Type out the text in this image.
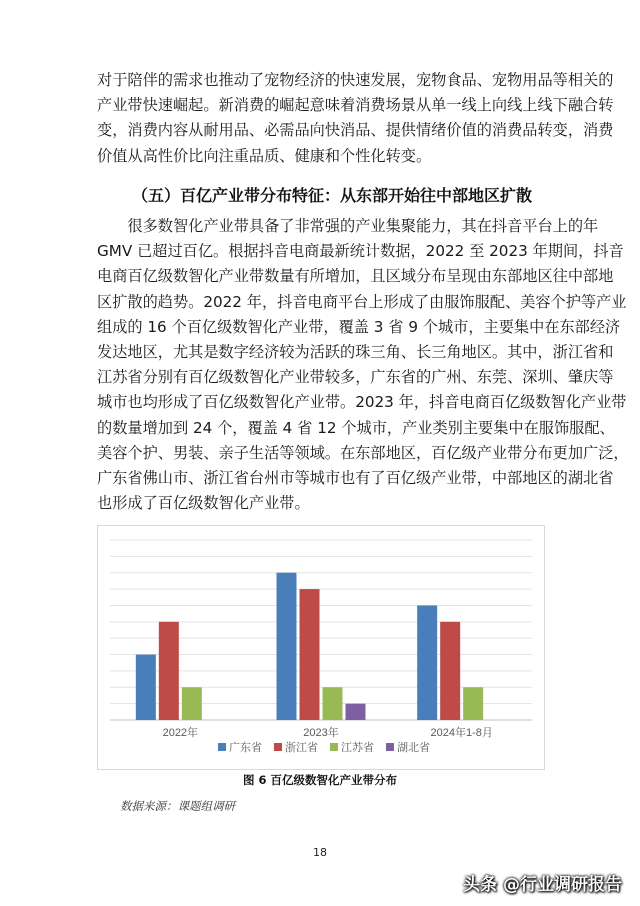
对于陪伴的需求也推动了宠物经济的快速发展，宠物食品、宠物用品等相关的
产业带快速崛起。新消费的崛起意味着消费场景从单一线上向线上线下融合转
变，消费内容从耐用品、必需品向快消品、提供情绪价值的消费品转变，消费
价值从高性价比向注重品质、健康和个性化转变。
（五）百亿产业带分布特征：从东部开始往中部地区扩散
　　很多数智化产业带具备了非常强的产业集聚能力，其在抖音平台上的年
GMV 已超过百亿。根据抖音电商最新统计数据，2022 至 2023 年期间，抖音
电商百亿级数智化产业带数量有所增加，且区域分布呈现由东部地区往中部地
区扩散的趋势。2022 年，抖音电商平台上形成了由服饰服配、美容个护等产业
组成的 16 个百亿级数智化产业带，覆盖 3 省 9 个城市，主要集中在东部经济
发达地区，尤其是数字经济较为活跃的珠三角、长三角地区。其中，浙江省和
江苏省分别有百亿级数智化产业带较多，广东省的广州、东莞、深圳、肇庆等
城市也均形成了百亿级数智化产业带。2023 年，抖音电商百亿级数智化产业带
的数量增加到 24 个，覆盖 4 省 12 个城市，产业类别主要集中在服饰服配、
美容个护、男装、亲子生活等领域。在东部地区，百亿级产业带分布更加广泛，
广东省佛山市、浙江省台州市等城市也有了百亿级产业带，中部地区的湖北省
也形成了百亿级数智化产业带。
2022年	2023年	2024年1-8月
广东省 浙江省 江苏省 湖北省
图 6 百亿级数智化产业带分布
数据来源：课题组调研
18
头条 @行业调研报告
